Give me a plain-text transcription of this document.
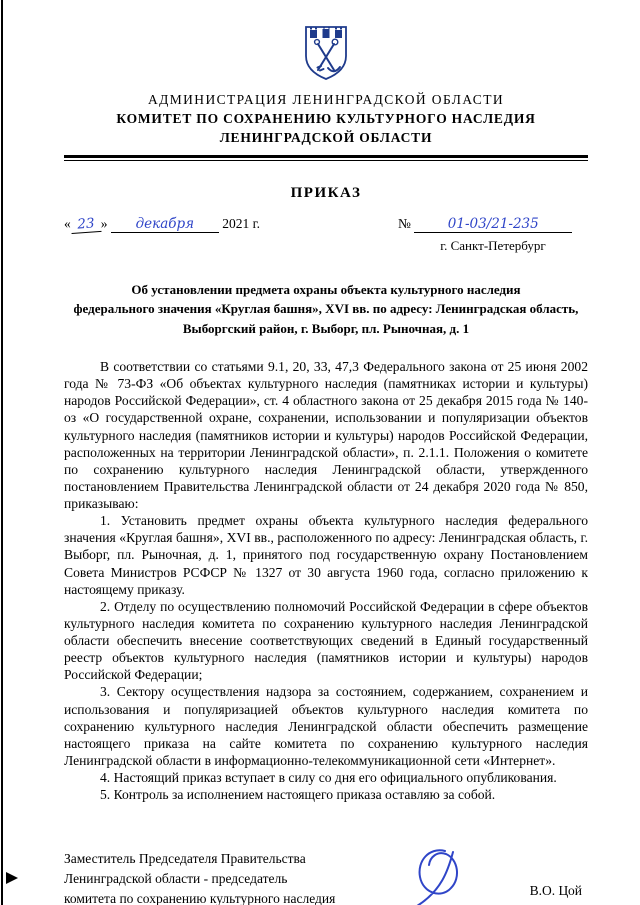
АДМИНИСТРАЦИЯ ЛЕНИНГРАДСКОЙ ОБЛАСТИ
КОМИТЕТ ПО СОХРАНЕНИЮ КУЛЬТУРНОГО НАСЛЕДИЯ
ЛЕНИНГРАДСКОЙ ОБЛАСТИ
ПРИКАЗ
« 23 » декабря 2021 г.	№	01-03/21-235
г. Санкт-Петербург
Об установлении предмета охраны объекта культурного наследия
федерального значения «Круглая башня», XVI вв. по адресу: Ленинградская область,
Выборгский район, г. Выборг, пл. Рыночная, д. 1

В соответствии со статьями 9.1, 20, 33, 47,3 Федерального закона от 25 июня 2002 года № 73-ФЗ «Об объектах культурного наследия (памятниках истории и культуры) народов Российской Федерации», ст. 4 областного закона от 25 декабря 2015 года № 140-оз «О государственной охране, сохранении, использовании и популяризации объектов культурного наследия (памятников истории и культуры) народов Российской Федерации, расположенных на территории Ленинградской области», п. 2.1.1. Положения о комитете по сохранению культурного наследия Ленинградской области, утвержденного постановлением Правительства Ленинградской области от 24 декабря 2020 года № 850, приказываю:

1. Установить предмет охраны объекта культурного наследия федерального значения «Круглая башня», XVI вв., расположенного по адресу: Ленинградская область, г. Выборг, пл. Рыночная, д. 1, принятого под государственную охрану Постановлением Совета Министров РСФСР № 1327 от 30 августа 1960 года, согласно приложению к настоящему приказу.

2. Отделу по осуществлению полномочий Российской Федерации в сфере объектов культурного наследия комитета по сохранению культурного наследия Ленинградской области обеспечить внесение соответствующих сведений в Единый государственный реестр объектов культурного наследия (памятников истории и культуры) народов Российской Федерации;

3. Сектору осуществления надзора за состоянием, содержанием, сохранением и использования и популяризацией объектов культурного наследия комитета по сохранению культурного наследия Ленинградской области обеспечить размещение настоящего приказа на сайте комитета по сохранению культурного наследия Ленинградской области в информационно-телекоммуникационной сети «Интернет».

4. Настоящий приказ вступает в силу со дня его официального опубликования.

5. Контроль за исполнением настоящего приказа оставляю за собой.

Заместитель Председателя Правительства
Ленинградской области - председатель
комитета по сохранению культурного наследия
В.О. Цой
